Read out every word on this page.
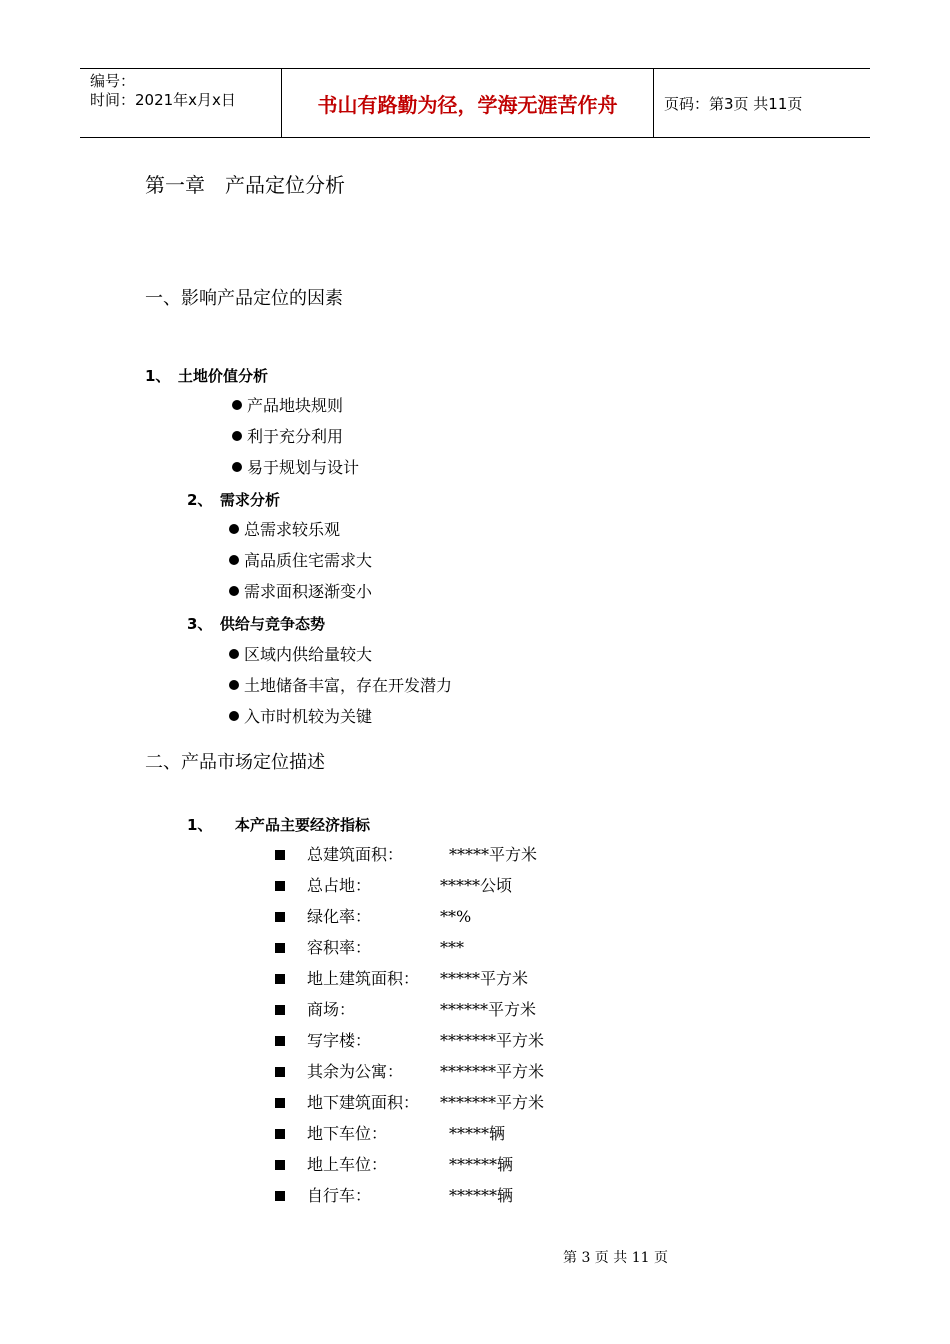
编号：
时间：2021年x月x日	书山有路勤为径，学海无涯苦作舟	页码：第3页 共11页
第一章　产品定位分析
一、影响产品定位的因素
1、　土地价值分析
产品地块规则
利于充分利用
易于规划与设计
2、　需求分析
总需求较乐观
高品质住宅需求大
需求面积逐渐变小
3、　供给与竞争态势
区域内供给量较大
土地储备丰富，存在开发潜力
入市时机较为关键
二、产品市场定位描述
1、　　本产品主要经济指标
总建筑面积：	*****平方米
总占地：	*****公顷
绿化率：	**%
容积率：	***
地上建筑面积： *****平方米
商场：	******平方米
写字楼：	*******平方米
其余为公寓： *******平方米
地下建筑面积： *******平方米
地下车位：	*****辆
地上车位：	******辆
自行车：	******辆
第 3 页 共 11 页
